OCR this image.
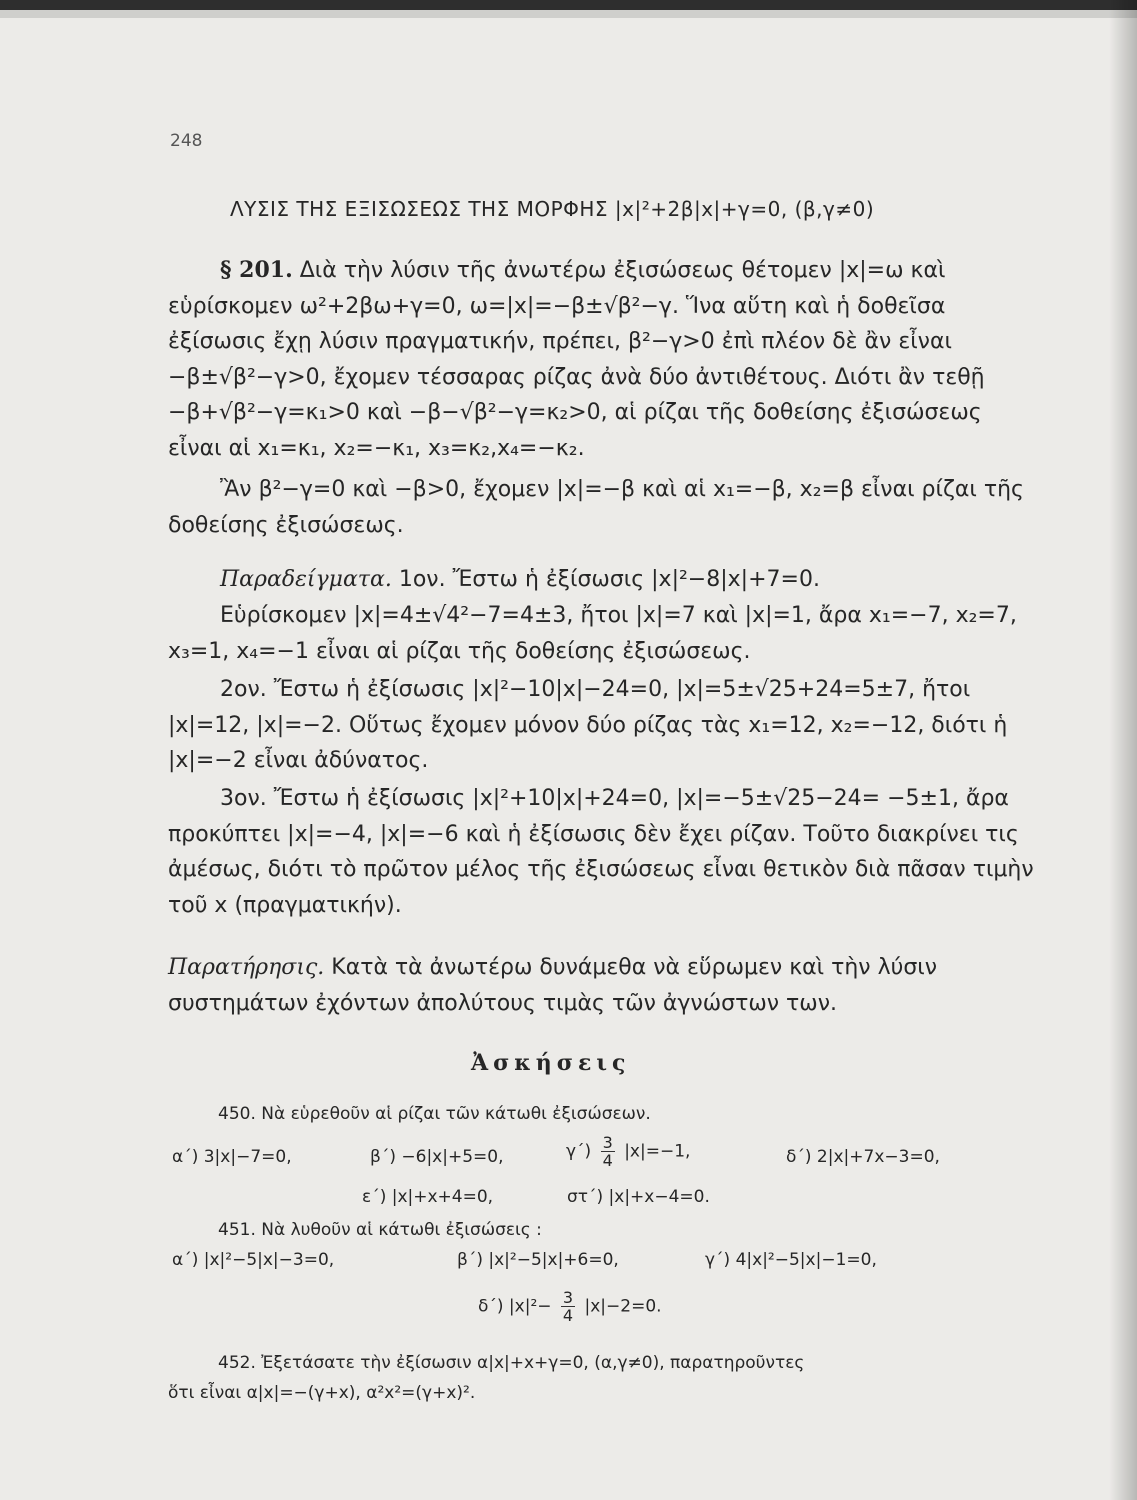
248
ΛΥΣΙΣ ΤΗΣ ΕΞΙΣΩΣΕΩΣ ΤΗΣ ΜΟΡΦΗΣ |x|²+2β|x|+γ=0, (β,γ≠0)
§ 201. Διὰ τὴν λύσιν τῆς ἀνωτέρω ἐξισώσεως θέτομεν |x|=ω καὶ εὑρίσκομεν ω²+2βω+γ=0, ω=|x|=−β±√β²−γ. Ἵνα αὕτη καὶ ἡ δοθεῖσα ἐξίσωσις ἔχῃ λύσιν πραγματικήν, πρέπει, β²−γ>0 ἐπὶ πλέον δὲ ἂν εἶναι −β±√β²−γ>0, ἔχομεν τέσσαρας ρίζας ἀνὰ δύο ἀντιθέτους. Διότι ἂν τεθῇ −β+√β²−γ=κ₁>0 καὶ −β−√β²−γ=κ₂>0, αἱ ρίζαι τῆς δοθείσης ἐξισώσεως εἶναι αἱ x₁=κ₁, x₂=−κ₁, x₃=κ₂,x₄=−κ₂.
Ἂν β²−γ=0 καὶ −β>0, ἔχομεν |x|=−β καὶ αἱ x₁=−β, x₂=β εἶναι ρίζαι τῆς δοθείσης ἐξισώσεως.
Παραδείγματα. 1ον. Ἔστω ἡ ἐξίσωσις |x|²−8|x|+7=0.
Εὑρίσκομεν |x|=4±√4²−7=4±3, ἤτοι |x|=7 καὶ |x|=1, ἄρα x₁=−7, x₂=7, x₃=1, x₄=−1 εἶναι αἱ ρίζαι τῆς δοθείσης ἐξισώσεως.
2ον. Ἔστω ἡ ἐξίσωσις |x|²−10|x|−24=0, |x|=5±√25+24=5±7, ἤτοι |x|=12, |x|=−2. Οὕτως ἔχομεν μόνον δύο ρίζας τὰς x₁=12, x₂=−12, διότι ἡ |x|=−2 εἶναι ἀδύνατος.
3ον. Ἔστω ἡ ἐξίσωσις |x|²+10|x|+24=0, |x|=−5±√25−24= −5±1, ἄρα προκύπτει |x|=−4, |x|=−6 καὶ ἡ ἐξίσωσις δὲν ἔχει ρίζαν. Τοῦτο διακρίνει τις ἀμέσως, διότι τὸ πρῶτον μέλος τῆς ἐξισώσεως εἶναι θετικὸν διὰ πᾶσαν τιμὴν τοῦ x (πραγματικήν).
Παρατήρησις. Κατὰ τὰ ἀνωτέρω δυνάμεθα νὰ εὕρωμεν καὶ τὴν λύσιν συστημάτων ἐχόντων ἀπολύτους τιμὰς τῶν ἀγνώστων των.
Ἀσκήσεις
450. Νὰ εὑρεθοῦν αἱ ρίζαι τῶν κάτωθι ἐξισώσεων.
α΄) 3|x|−7=0,	β΄) −6|x|+5=0,	$\gamma΄) \frac{3}{4} |x|=-1$,	δ΄) 2|x|+7x−3=0,
ε΄) |x|+x+4=0,	στ΄) |x|+x−4=0.
451. Νὰ λυθοῦν αἱ κάτωθι ἐξισώσεις :
α΄) |x|²−5|x|−3=0,	β΄) |x|²−5|x|+6=0,	γ΄) 4|x|²−5|x|−1=0,
δ΄) $|x|^2- \frac{3}{4} |x|-2=0$.
452. Ἐξετάσατε τὴν ἐξίσωσιν α|x|+x+γ=0, (α,γ≠0), παρατηροῦντες
ὅτι εἶναι α|x|=−(γ+x), α²x²=(γ+x)².
